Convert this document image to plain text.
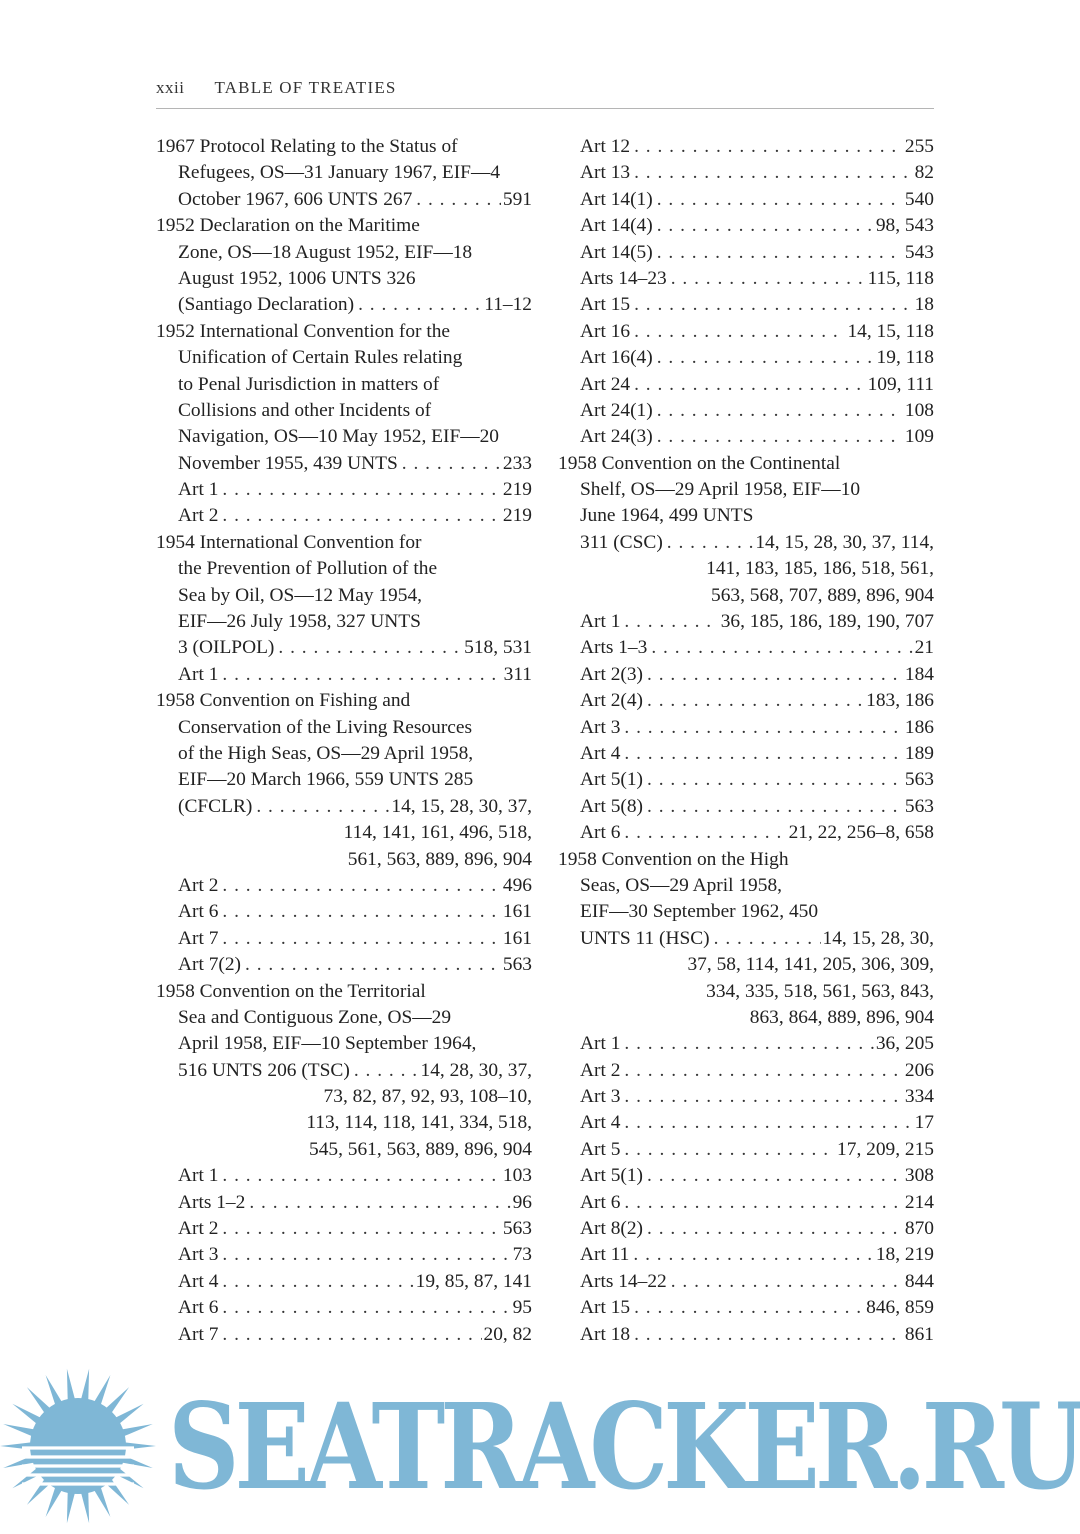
xxii TABLE OF TREATIES
1967 Protocol Relating to the Status of
Refugees, OS—31 January 1967, EIF—4
October 1967, 606 UNTS 267 . . .	591
1952 Declaration on the Maritime
Zone, OS—18 August 1952, EIF—18
August 1952, 1006 UNTS 326
(Santiago Declaration) . . .	11–12
1952 International Convention for the
Unification of Certain Rules relating
to Penal Jurisdiction in matters of
Collisions and other Incidents of
Navigation, OS—10 May 1952, EIF—20
November 1955, 439 UNTS . . .	233
Art 1 . . .	219
Art 2 . . .	219
1954 International Convention for
the Prevention of Pollution of the
Sea by Oil, OS—12 May 1954,
EIF—26 July 1958, 327 UNTS
3 (OILPOL) . . .	518, 531
Art 1 . . .	311
1958 Convention on Fishing and
Conservation of the Living Resources
of the High Seas, OS—29 April 1958,
EIF—20 March 1966, 559 UNTS 285
(CFCLR) . . .	14, 15, 28, 30, 37,
114, 141, 161, 496, 518,
561, 563, 889, 896, 904
Art 2 . . .	496
Art 6 . . .	161
Art 7 . . .	161
Art 7(2) . . .	563
1958 Convention on the Territorial
Sea and Contiguous Zone, OS—29
April 1958, EIF—10 September 1964,
516 UNTS 206 (TSC) . . .	14, 28, 30, 37,
73, 82, 87, 92, 93, 108–10,
113, 114, 118, 141, 334, 518,
545, 561, 563, 889, 896, 904
Art 1 . . .	103
Arts 1–2 . . .	96
Art 2 . . .	563
Art 3 . . .	73
Art 4 . . .	19, 85, 87, 141
Art 6 . . .	95
Art 7 . . .	20, 82
Art 12 . . .	255
Art 13 . . .	82
Art 14(1) . . .	540
Art 14(4) . . .	98, 543
Art 14(5) . . .	543
Arts 14–23 . . .	115, 118
Art 15 . . .	18
Art 16 . . .	14, 15, 118
Art 16(4) . . .	19, 118
Art 24 . . .	109, 111
Art 24(1) . . .	108
Art 24(3) . . .	109
1958 Convention on the Continental
Shelf, OS—29 April 1958, EIF—10
June 1964, 499 UNTS
311 (CSC) . . .	14, 15, 28, 30, 37, 114,
141, 183, 185, 186, 518, 561,
563, 568, 707, 889, 896, 904
Art 1 . . .	36, 185, 186, 189, 190, 707
Arts 1–3 . . .	21
Art 2(3) . . .	184
Art 2(4) . . .	183, 186
Art 3 . . .	186
Art 4 . . .	189
Art 5(1) . . .	563
Art 5(8) . . .	563
Art 6 . . .	21, 22, 256–8, 658
1958 Convention on the High
Seas, OS—29 April 1958,
EIF—30 September 1962, 450
UNTS 11 (HSC) . . .	14, 15, 28, 30,
37, 58, 114, 141, 205, 306, 309,
334, 335, 518, 561, 563, 843,
863, 864, 889, 896, 904
Art 1 . . .	36, 205
Art 2 . . .	206
Art 3 . . .	334
Art 4 . . .	17
Art 5 . . .	17, 209, 215
Art 5(1) . . .	308
Art 6 . . .	214
Art 8(2) . . .	870
Art 11 . . .	18, 219
Arts 14–22 . . .	844
Art 15 . . .	846, 859
Art 18 . . .	861
SEATRACKER.RU
